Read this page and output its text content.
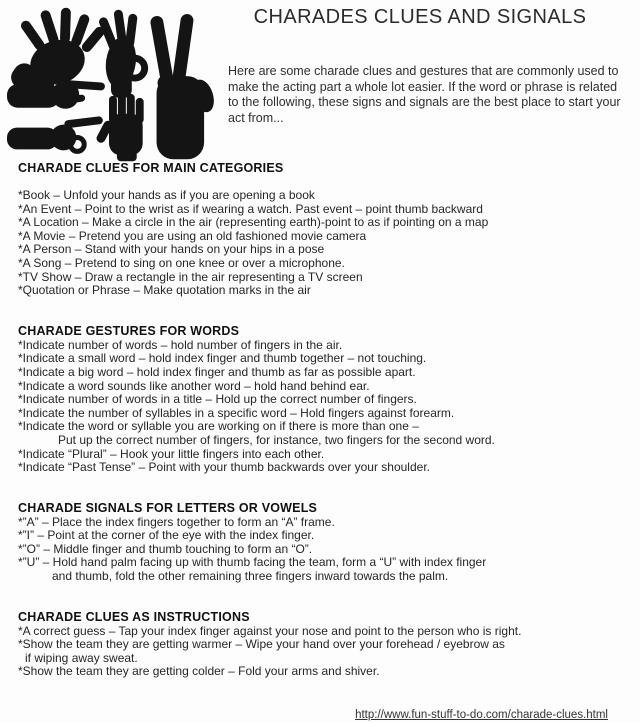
CHARADES CLUES AND SIGNALS

Here are some charade clues and gestures that are commonly used to make the acting part a whole lot easier. If the word or phrase is related to the following, these signs and signals are the best place to start your act from...

CHARADE CLUES FOR MAIN CATEGORIES
*Book – Unfold your hands as if you are opening a book
*An Event – Point to the wrist as if wearing a watch. Past event – point thumb backward
*A Location – Make a circle in the air (representing earth)-point to as if pointing on a map
*A Movie – Pretend you are using an old fashioned movie camera
*A Person – Stand with your hands on your hips in a pose
*A Song – Pretend to sing on one knee or over a microphone.
*TV Show – Draw a rectangle in the air representing a TV screen
*Quotation or Phrase – Make quotation marks in the air
CHARADE GESTURES FOR WORDS
*Indicate number of words – hold number of fingers in the air.
*Indicate a small word – hold index finger and thumb together – not touching.
*Indicate a big word – hold index finger and thumb as far as possible apart.
*Indicate a word sounds like another word – hold hand behind ear.
*Indicate number of words in a title – Hold up the correct number of fingers.
*Indicate the number of syllables in a specific word – Hold fingers against forearm.
*Indicate the word or syllable you are working on if there is more than one –
Put up the correct number of fingers, for instance, two fingers for the second word.
*Indicate “Plural” – Hook your little fingers into each other.
*Indicate “Past Tense” – Point with your thumb backwards over your shoulder.
CHARADE SIGNALS FOR LETTERS OR VOWELS
*”A” – Place the index fingers together to form an “A” frame.
*”I” – Point at the corner of the eye with the index finger.
*”O” – Middle finger and thumb touching to form an “O”.
*”U” – Hold hand palm facing up with thumb facing the team, form a “U” with index finger
and thumb, fold the other remaining three fingers inward towards the palm.
CHARADE CLUES AS INSTRUCTIONS
*A correct guess – Tap your index finger against your nose and point to the person who is right.
*Show the team they are getting warmer – Wipe your hand over your forehead / eyebrow as
if wiping away sweat.
*Show the team they are getting colder – Fold your arms and shiver.
http://www.fun-stuff-to-do.com/charade-clues.html
